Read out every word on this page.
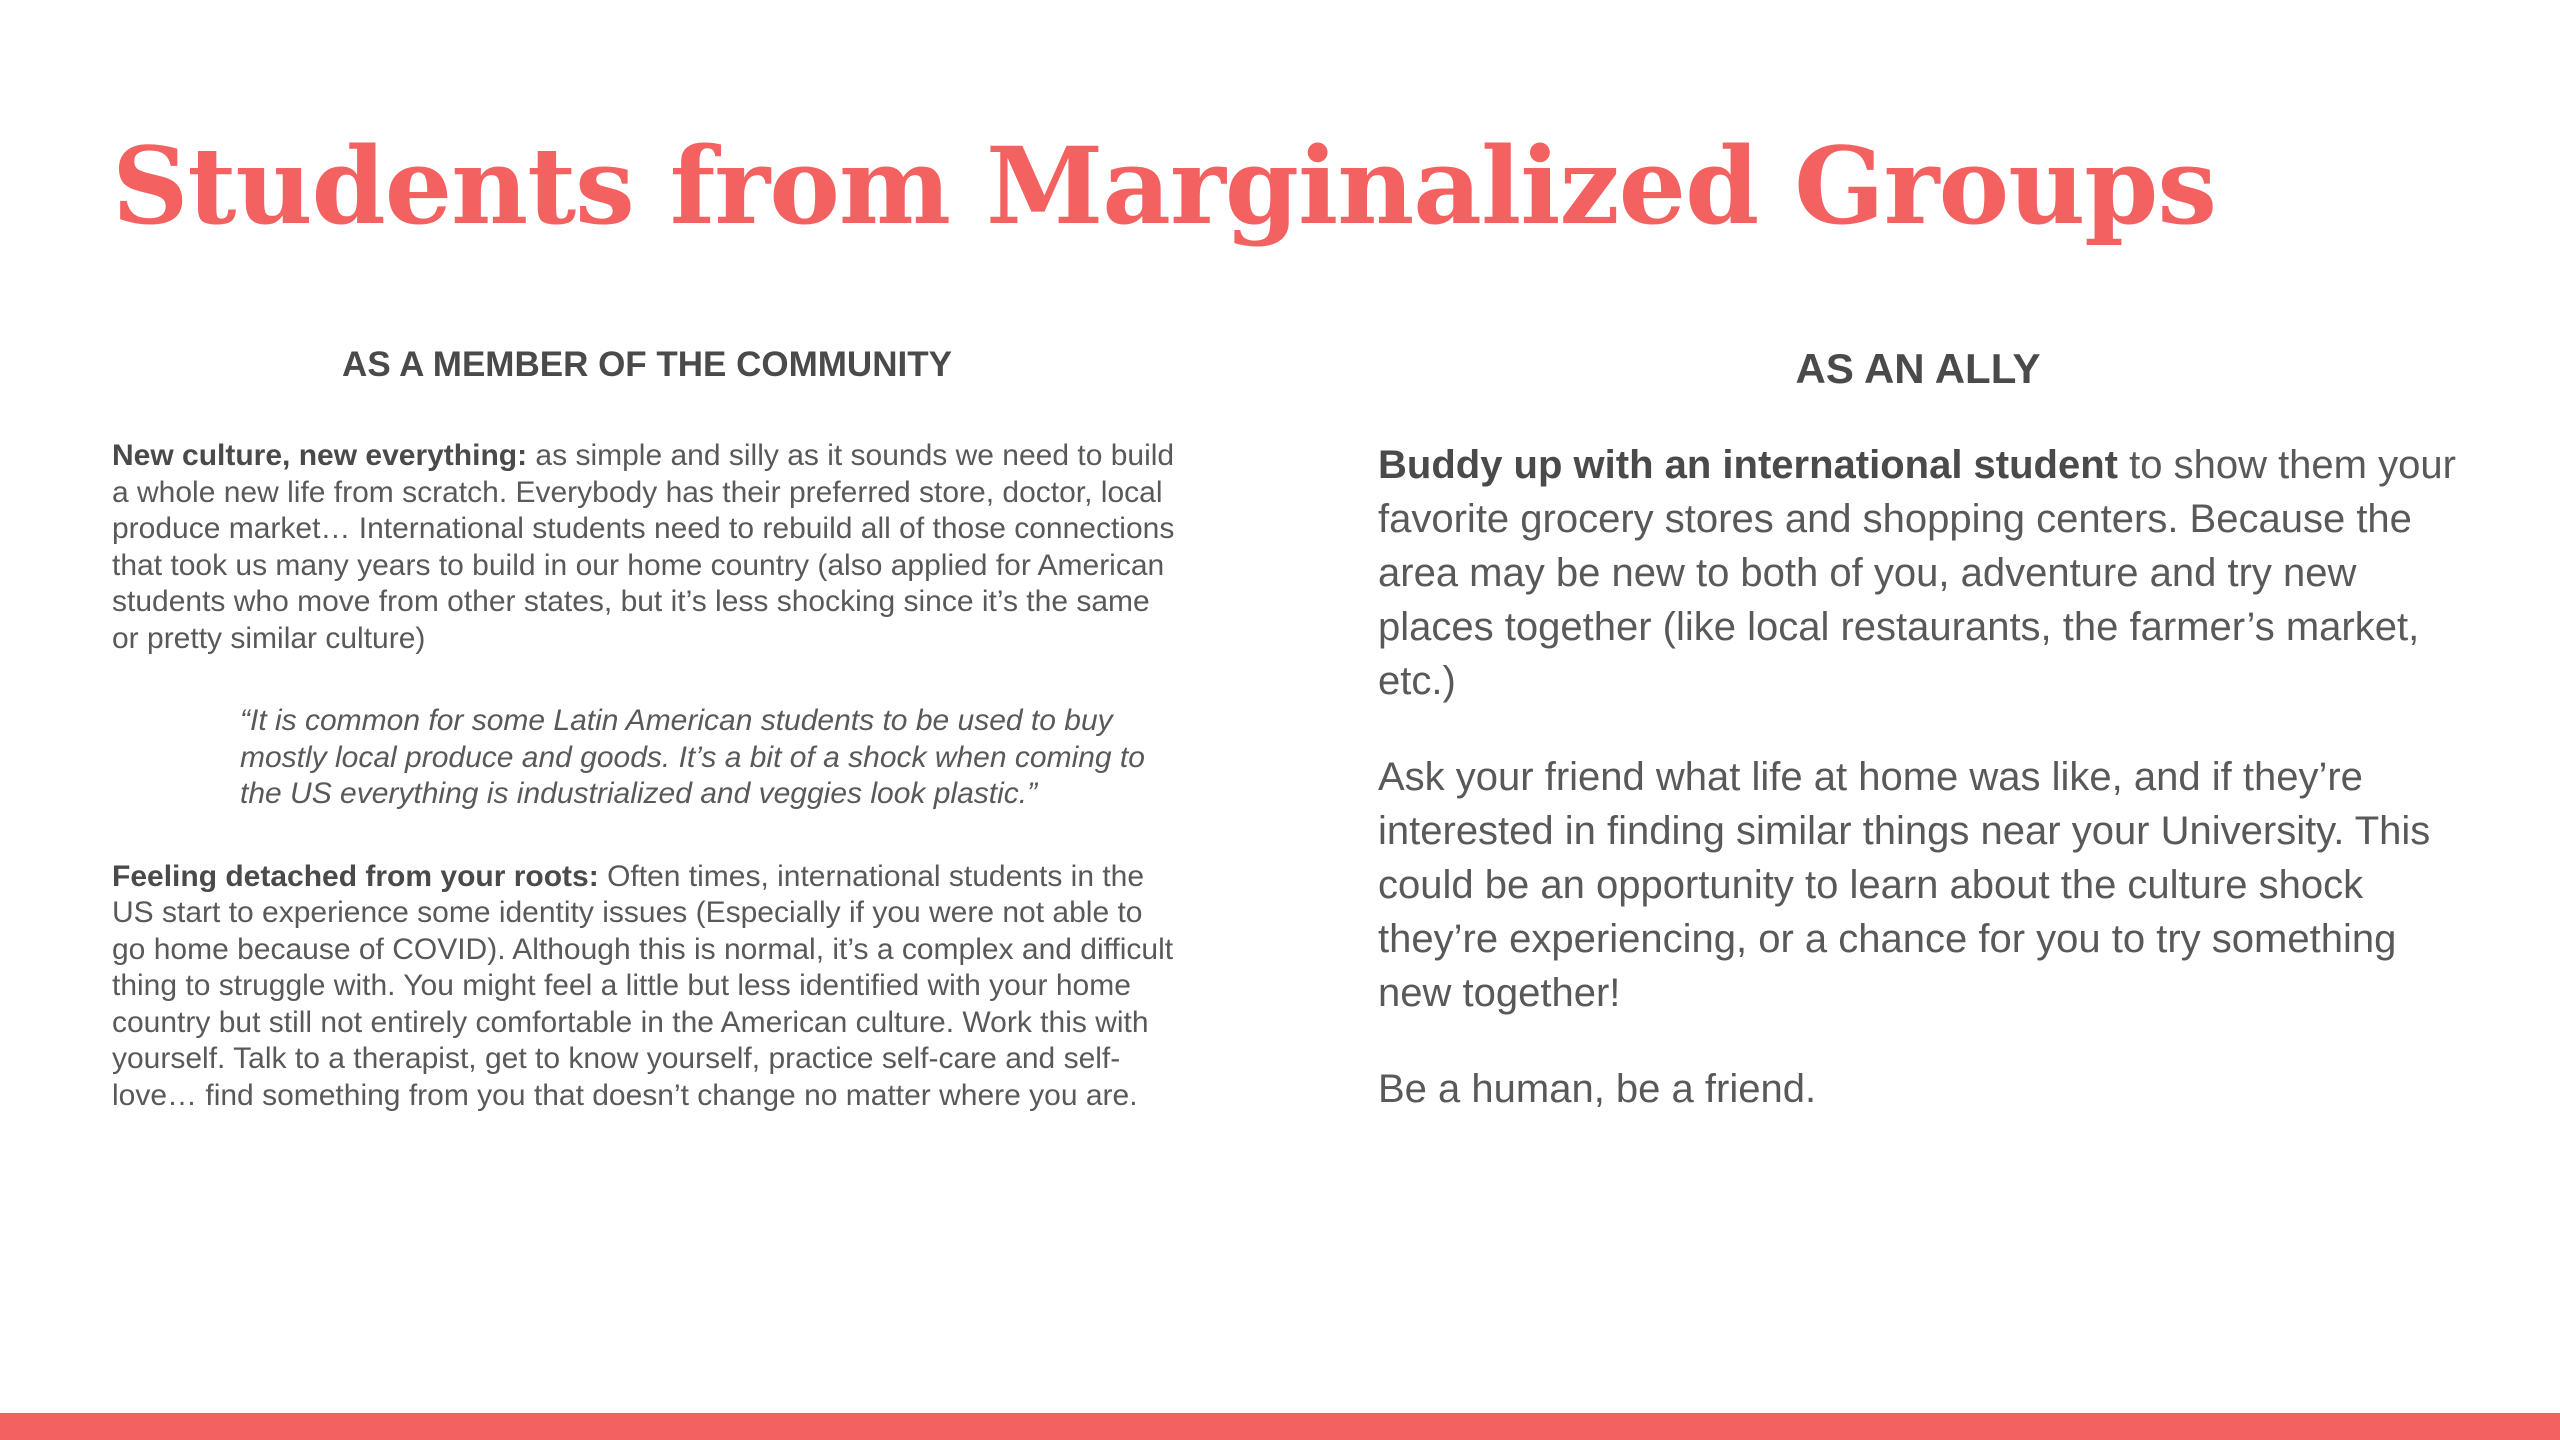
Students from Marginalized Groups
AS A MEMBER OF THE COMMUNITY

New culture, new everything: as simple and silly as it sounds we need to build a whole new life from scratch. Everybody has their preferred store, doctor, local produce market… International students need to rebuild all of those connections that took us many years to build in our home country (also applied for American students who move from other states, but it’s less shocking since it’s the same or pretty similar culture)

“It is common for some Latin American students to be used to buy mostly local produce and goods. It’s a bit of a shock when coming to the US everything is industrialized and veggies look plastic.”

Feeling detached from your roots: Often times, international students in the US start to experience some identity issues (Especially if you were not able to go home because of COVID). Although this is normal, it’s a complex and difficult thing to struggle with. You might feel a little but less identified with your home country but still not entirely comfortable in the American culture. Work this with yourself. Talk to a therapist, get to know yourself, practice self-care and self-love… find something from you that doesn’t change no matter where you are.

AS AN ALLY

Buddy up with an international student to show them your favorite grocery stores and shopping centers. Because the area may be new to both of you, adventure and try new places together (like local restaurants, the farmer’s market, etc.)

Ask your friend what life at home was like, and if they’re interested in finding similar things near your University. This could be an opportunity to learn about the culture shock they’re experiencing, or a chance for you to try something new together!

Be a human, be a friend.
